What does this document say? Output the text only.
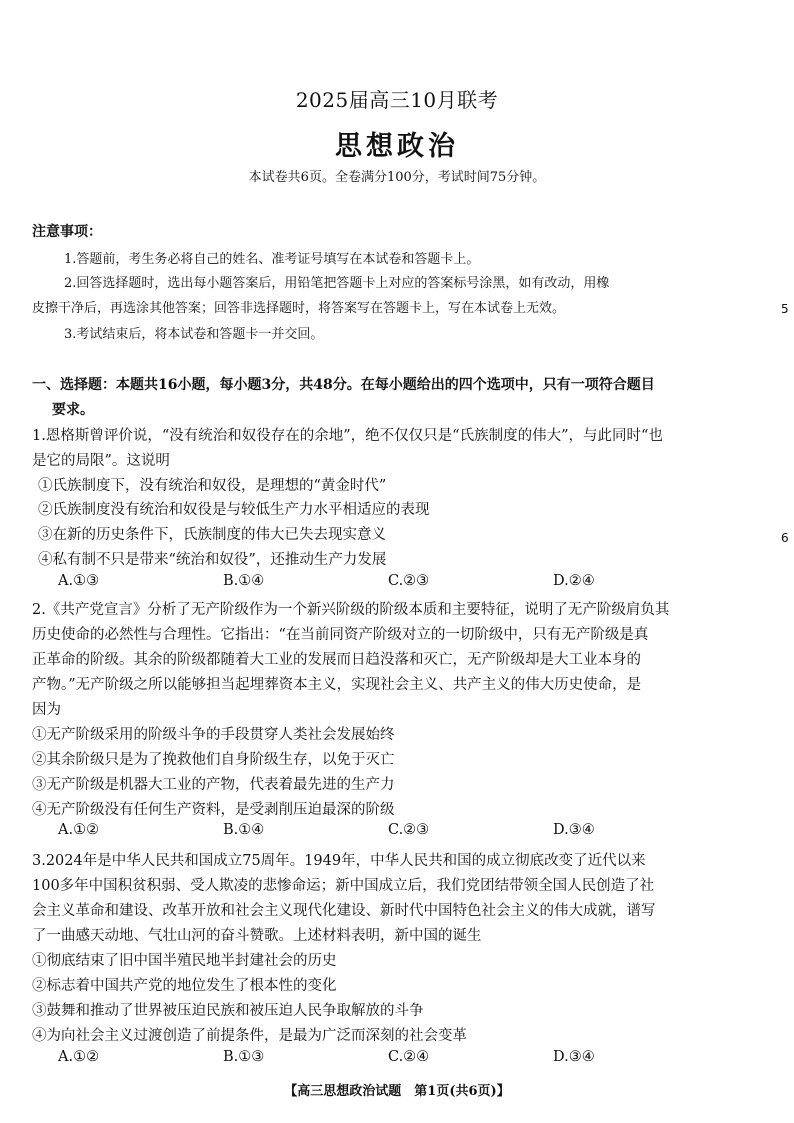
2025届高三10月联考
思想政治
本试卷共6页。全卷满分100分，考试时间75分钟。
注意事项：
1.答题前，考生务必将自己的姓名、准考证号填写在本试卷和答题卡上。
2.回答选择题时，选出每小题答案后，用铅笔把答题卡上对应的答案标号涂黑，如有改动，用橡
皮擦干净后，再选涂其他答案；回答非选择题时，将答案写在答题卡上，写在本试卷上无效。
3.考试结束后，将本试卷和答题卡一并交回。
5
6
一、选择题：本题共16小题，每小题3分，共48分。在每小题给出的四个选项中，只有一项符合题目
要求。
1.恩格斯曾评价说，“没有统治和奴役存在的余地”，绝不仅仅只是“氏族制度的伟大”，与此同时“也
是它的局限”。这说明
①氏族制度下，没有统治和奴役，是理想的“黄金时代”
②氏族制度没有统治和奴役是与较低生产力水平相适应的表现
③在新的历史条件下，氏族制度的伟大已失去现实意义
④私有制不只是带来“统治和奴役”，还推动生产力发展
A.①③	B.①④	C.②③	D.②④
2.《共产党宣言》分析了无产阶级作为一个新兴阶级的阶级本质和主要特征，说明了无产阶级肩负其
历史使命的必然性与合理性。它指出：“在当前同资产阶级对立的一切阶级中，只有无产阶级是真
正革命的阶级。其余的阶级都随着大工业的发展而日趋没落和灭亡，无产阶级却是大工业本身的
产物。”无产阶级之所以能够担当起埋葬资本主义，实现社会主义、共产主义的伟大历史使命，是
因为
①无产阶级采用的阶级斗争的手段贯穿人类社会发展始终
②其余阶级只是为了挽救他们自身阶级生存，以免于灭亡
③无产阶级是机器大工业的产物，代表着最先进的生产力
④无产阶级没有任何生产资料，是受剥削压迫最深的阶级
A.①②	B.①④	C.②③	D.③④
3.2024年是中华人民共和国成立75周年。1949年，中华人民共和国的成立彻底改变了近代以来
100多年中国积贫积弱、受人欺凌的悲惨命运；新中国成立后，我们党团结带领全国人民创造了社
会主义革命和建设、改革开放和社会主义现代化建设、新时代中国特色社会主义的伟大成就，谱写
了一曲感天动地、气壮山河的奋斗赞歌。上述材料表明，新中国的诞生
①彻底结束了旧中国半殖民地半封建社会的历史
②标志着中国共产党的地位发生了根本性的变化
③鼓舞和推动了世界被压迫民族和被压迫人民争取解放的斗争
④为向社会主义过渡创造了前提条件，是最为广泛而深刻的社会变革
A.①②	B.①③	C.②④	D.③④
【高三思想政治试题　第1页(共6页)】
